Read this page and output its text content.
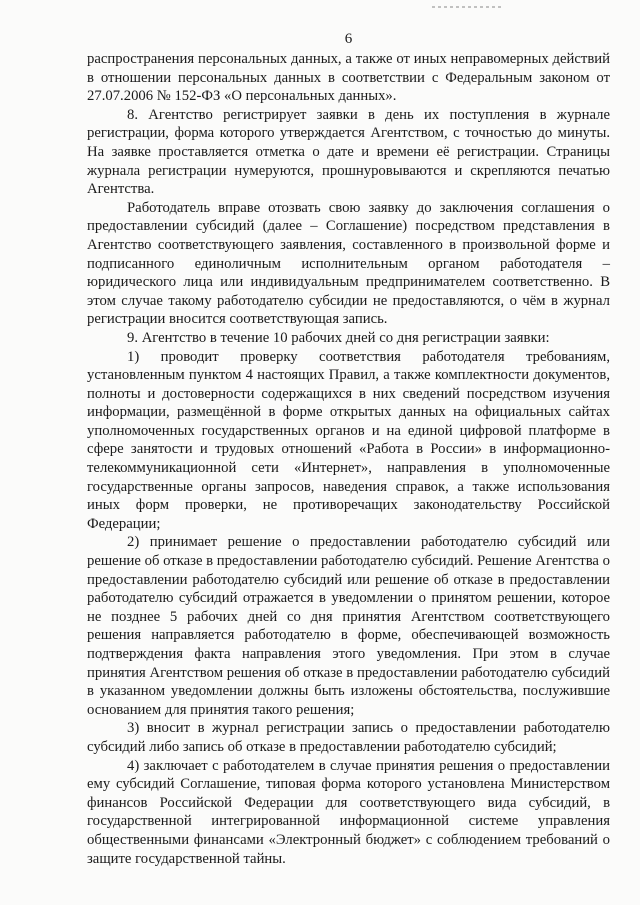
6

распространения персональных данных, а также от иных неправомерных действий в отношении персональных данных в соответствии с Федеральным законом от 27.07.2006 № 152-ФЗ «О персональных данных».

8. Агентство регистрирует заявки в день их поступления в журнале регистрации, форма которого утверждается Агентством, с точностью до минуты. На заявке проставляется отметка о дате и времени её регистрации. Страницы журнала регистрации нумеруются, прошнуровываются и скрепляются печатью Агентства.

Работодатель вправе отозвать свою заявку до заключения соглашения о предоставлении субсидий (далее – Соглашение) посредством представления в Агентство соответствующего заявления, составленного в произвольной форме и подписанного единоличным исполнительным органом работодателя – юридического лица или индивидуальным предпринимателем соответственно. В этом случае такому работодателю субсидии не предоставляются, о чём в журнал регистрации вносится соответствующая запись.

9. Агентство в течение 10 рабочих дней со дня регистрации заявки:

1) проводит проверку соответствия работодателя требованиям, установленным пунктом 4 настоящих Правил, а также комплектности документов, полноты и достоверности содержащихся в них сведений посредством изучения информации, размещённой в форме открытых данных на официальных сайтах уполномоченных государственных органов и на единой цифровой платформе в сфере занятости и трудовых отношений «Работа в России» в информационно-телекоммуникационной сети «Интернет», направления в уполномоченные государственные органы запросов, наведения справок, а также использования иных форм проверки, не противоречащих законодательству Российской Федерации;

2) принимает решение о предоставлении работодателю субсидий или решение об отказе в предоставлении работодателю субсидий. Решение Агентства о предоставлении работодателю субсидий или решение об отказе в предоставлении работодателю субсидий отражается в уведомлении о принятом решении, которое не позднее 5 рабочих дней со дня принятия Агентством соответствующего решения направляется работодателю в форме, обеспечивающей возможность подтверждения факта направления этого уведомления. При этом в случае принятия Агентством решения об отказе в предоставлении работодателю субсидий в указанном уведомлении должны быть изложены обстоятельства, послужившие основанием для принятия такого решения;

3) вносит в журнал регистрации запись о предоставлении работодателю субсидий либо запись об отказе в предоставлении работодателю субсидий;

4) заключает с работодателем в случае принятия решения о предоставлении ему субсидий Соглашение, типовая форма которого установлена Министерством финансов Российской Федерации для соответствующего вида субсидий, в государственной интегрированной информационной системе управления общественными финансами «Электронный бюджет» с соблюдением требований о защите государственной тайны.
